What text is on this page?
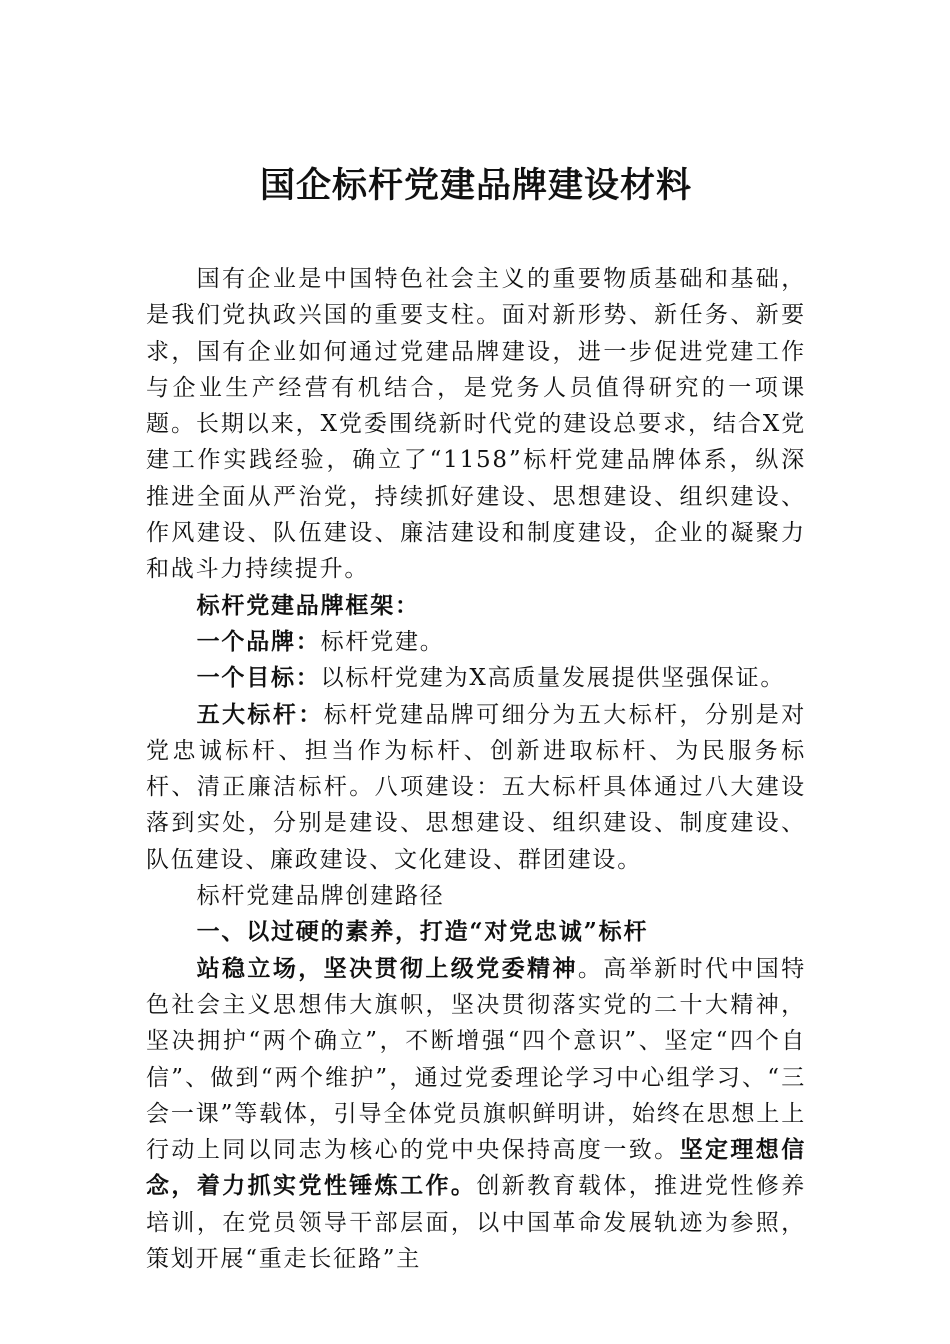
国企标杆党建品牌建设材料

国有企业是中国特色社会主义的重要物质基础和基础，是我们党执政兴国的重要支柱。面对新形势、新任务、新要求，国有企业如何通过党建品牌建设，进一步促进党建工作与企业生产经营有机结合，是党务人员值得研究的一项课题。长期以来，X党委围绕新时代党的建设总要求，结合X党建工作实践经验，确立了“1158”标杆党建品牌体系，纵深推进全面从严治党，持续抓好建设、思想建设、组织建设、作风建设、队伍建设、廉洁建设和制度建设，企业的凝聚力和战斗力持续提升。

标杆党建品牌框架：

一个品牌：标杆党建。

一个目标：以标杆党建为X高质量发展提供坚强保证。

五大标杆：标杆党建品牌可细分为五大标杆，分别是对党忠诚标杆、担当作为标杆、创新进取标杆、为民服务标杆、清正廉洁标杆。八项建设：五大标杆具体通过八大建设落到实处，分别是建设、思想建设、组织建设、制度建设、队伍建设、廉政建设、文化建设、群团建设。

标杆党建品牌创建路径

一、以过硬的素养，打造“对党忠诚”标杆

站稳立场，坚决贯彻上级党委精神。高举新时代中国特色社会主义思想伟大旗帜，坚决贯彻落实党的二十大精神，坚决拥护“两个确立”，不断增强“四个意识”、坚定“四个自信”、做到“两个维护”，通过党委理论学习中心组学习、“三会一课”等载体，引导全体党员旗帜鲜明讲，始终在思想上上行动上同以同志为核心的党中央保持高度一致。坚定理想信念，着力抓实党性锤炼工作。创新教育载体，推进党性修养培训，在党员领导干部层面，以中国革命发展轨迹为参照，策划开展“重走长征路”主
